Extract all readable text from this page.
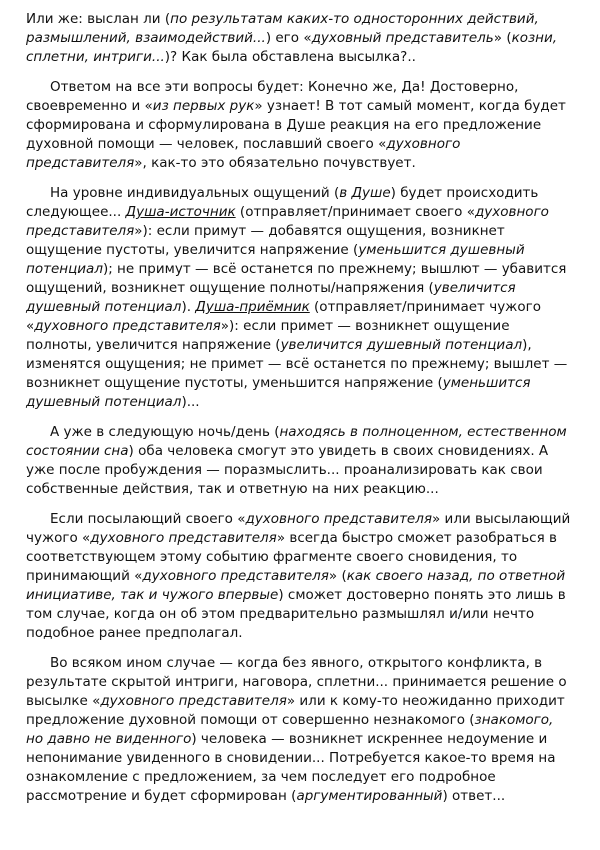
Или же: выслан ли (по результатам каких-то односторонних действий, размышлений, взаимодействий...) его «духовный представитель» (козни, сплетни, интриги...)? Как была обставлена высылка?..

Ответом на все эти вопросы будет: Конечно же, Да! Достоверно, своевременно и «из первых рук» узнает! В тот самый момент, когда будет сформирована и сформулирована в Душе реакция на его предложение духовной помощи — человек, пославший своего «духовного представителя», как-то это обязательно почувствует.

На уровне индивидуальных ощущений (в Душе) будет происходить следующее... Душа-источник (отправляет/принимает своего «духовного представителя»): если примут — добавятся ощущения, возникнет ощущение пустоты, увеличится напряжение (уменьшится душевный потенциал); не примут — всё останется по прежнему; вышлют — убавится ощущений, возникнет ощущение полноты/напряжения (увеличится душевный потенциал). Душа-приёмник (отправляет/принимает чужого «духовного представителя»): если примет — возникнет ощущение полноты, увеличится напряжение (увеличится душевный потенциал), изменятся ощущения; не примет — всё останется по прежнему; вышлет — возникнет ощущение пустоты, уменьшится напряжение (уменьшится душевный потенциал)...

А уже в следующую ночь/день (находясь в полноценном, естественном состоянии сна) оба человека смогут это увидеть в своих сновидениях. А уже после пробуждения — поразмыслить... проанализировать как свои собственные действия, так и ответную на них реакцию...

Если посылающий своего «духовного представителя» или высылающий чужого «духовного представителя» всегда быстро сможет разобраться в соответствующем этому событию фрагменте своего сновидения, то принимающий «духовного представителя» (как своего назад, по ответной инициативе, так и чужого впервые) сможет достоверно понять это лишь в том случае, когда он об этом предварительно размышлял и/или нечто подобное ранее предполагал.

Во всяком ином случае — когда без явного, открытого конфликта, в результате скрытой интриги, наговора, сплетни... принимается решение о высылке «духовного представителя» или к кому-то неожиданно приходит предложение духовной помощи от совершенно незнакомого (знакомого, но давно не виденного) человека — возникнет искреннее недоумение и непонимание увиденного в сновидении... Потребуется какое-то время на ознакомление с предложением, за чем последует его подробное рассмотрение и будет сформирован (аргументированный) ответ...
